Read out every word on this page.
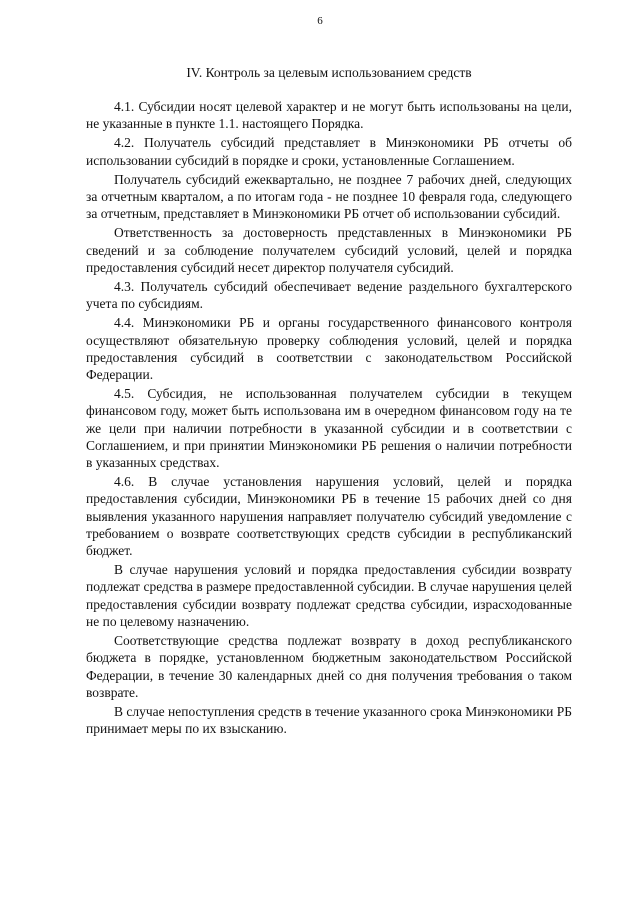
6
IV. Контроль за целевым использованием средств

4.1. Субсидии носят целевой характер и не могут быть использованы на цели, не указанные в пункте 1.1. настоящего Порядка.

4.2. Получатель субсидий представляет в Минэкономики РБ отчеты об использовании субсидий в порядке и сроки, установленные Соглашением.

Получатель субсидий ежеквартально, не позднее 7 рабочих дней, следующих за отчетным кварталом, а по итогам года - не позднее 10 февраля года, следующего за отчетным, представляет в Минэкономики РБ отчет об использовании субсидий.

Ответственность за достоверность представленных в Минэкономики РБ сведений и за соблюдение получателем субсидий условий, целей и порядка предоставления субсидий несет директор получателя субсидий.

4.3. Получатель субсидий обеспечивает ведение раздельного бухгалтерского учета по субсидиям.

4.4. Минэкономики РБ и органы государственного финансового контроля осуществляют обязательную проверку соблюдения условий, целей и порядка предоставления субсидий в соответствии с законодательством Российской Федерации.

4.5. Субсидия, не использованная получателем субсидии в текущем финансовом году, может быть использована им в очередном финансовом году на те же цели при наличии потребности в указанной субсидии и в соответствии с Соглашением, и при принятии Минэкономики РБ решения о наличии потребности в указанных средствах.

4.6. В случае установления нарушения условий, целей и порядка предоставления субсидии, Минэкономики РБ в течение 15 рабочих дней со дня выявления указанного нарушения направляет получателю субсидий уведомление с требованием о возврате соответствующих средств субсидии в республиканский бюджет.

В случае нарушения условий и порядка предоставления субсидии возврату подлежат средства в размере предоставленной субсидии. В случае нарушения целей предоставления субсидии возврату подлежат средства субсидии, израсходованные не по целевому назначению.

Соответствующие средства подлежат возврату в доход республиканского бюджета в порядке, установленном бюджетным законодательством Российской Федерации, в течение 30 календарных дней со дня получения требования о таком возврате.

В случае непоступления средств в течение указанного срока Минэкономики РБ принимает меры по их взысканию.
